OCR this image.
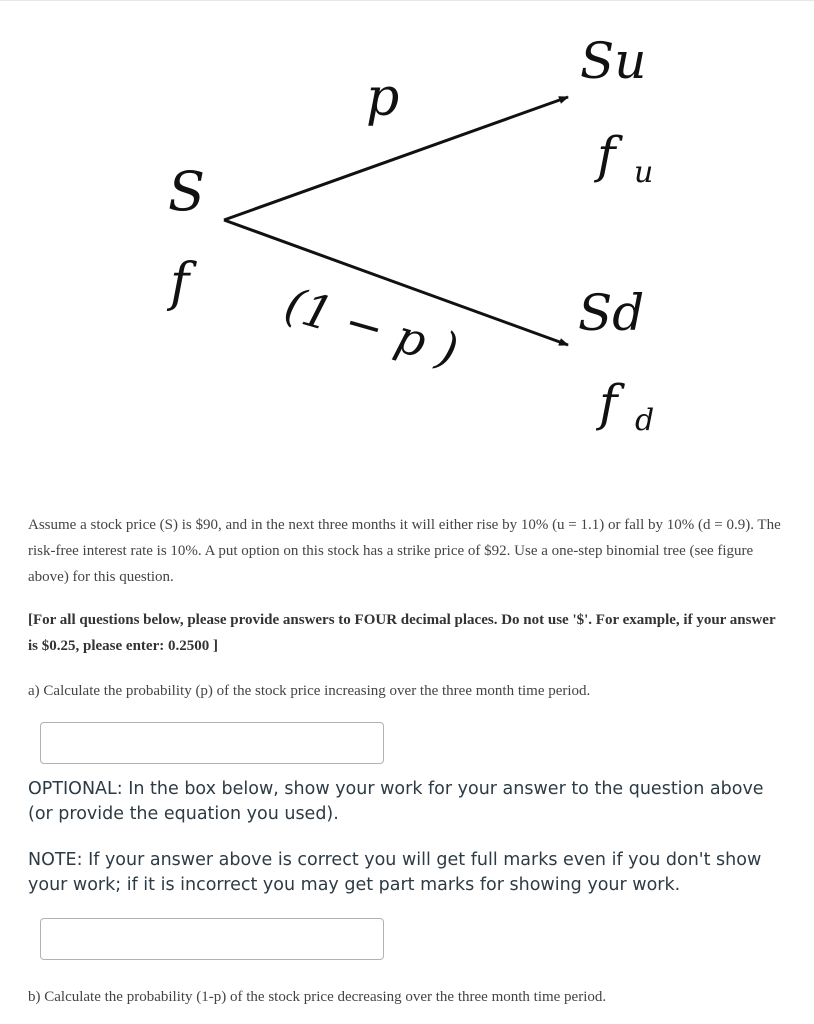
S
f
p
(1 − p )
Su
f u
Sd
f d

Assume a stock price (S) is $90, and in the next three months it will either rise by 10% (u = 1.1) or fall by 10% (d = 0.9). The risk-free interest rate is 10%. A put option on this stock has a strike price of $92. Use a one-step binomial tree (see figure above) for this question.

[For all questions below, please provide answers to FOUR decimal places. Do not use '$'. For example, if your answer is $0.25, please enter: 0.2500 ]

a) Calculate the probability (p) of the stock price increasing over the three month time period.

OPTIONAL: In the box below, show your work for your answer to the question above (or provide the equation you used).

NOTE: If your answer above is correct you will get full marks even if you don't show your work; if it is incorrect you may get part marks for showing your work.

b) Calculate the probability (1-p) of the stock price decreasing over the three month time period.
